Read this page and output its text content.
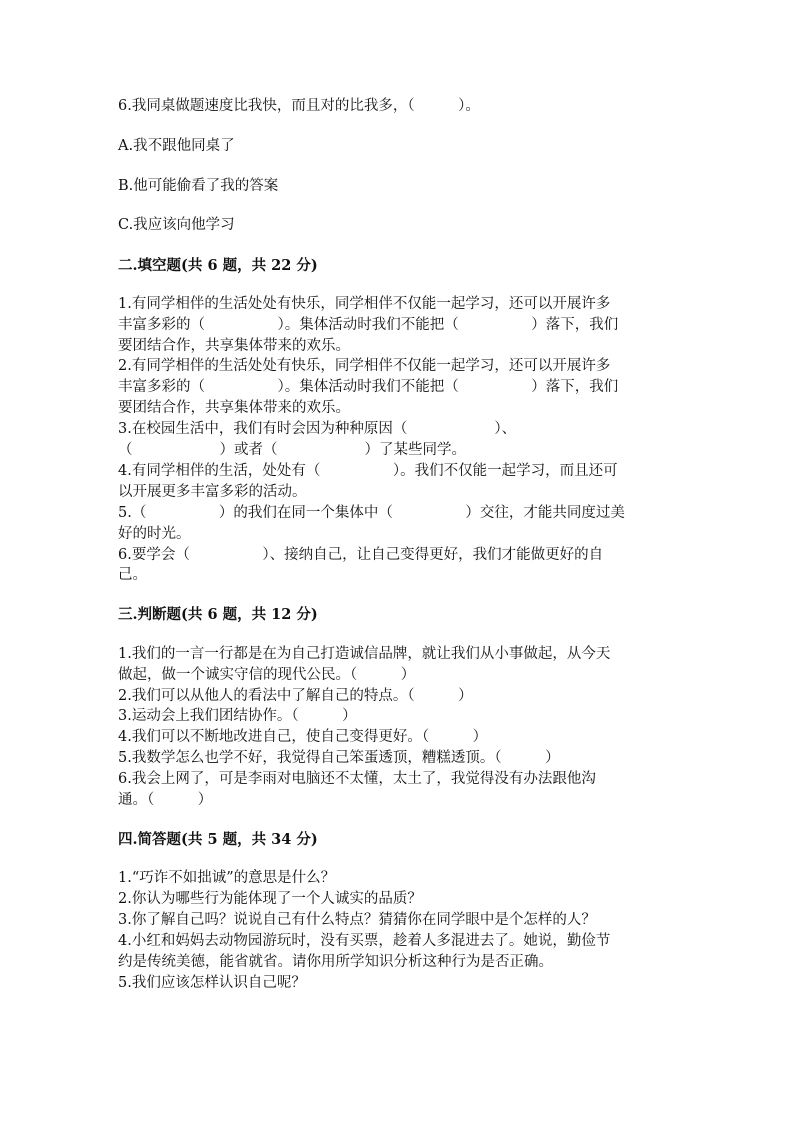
6.我同桌做题速度比我快，而且对的比我多，（　　　）。
A.我不跟他同桌了
B.他可能偷看了我的答案
C.我应该向他学习
二.填空题(共 6 题，共 22 分)
1.有同学相伴的生活处处有快乐，同学相伴不仅能一起学习，还可以开展许多
丰富多彩的（　　　　　）。集体活动时我们不能把（　　　　　）落下，我们
要团结合作，共享集体带来的欢乐。
2.有同学相伴的生活处处有快乐，同学相伴不仅能一起学习，还可以开展许多
丰富多彩的（　　　　　）。集体活动时我们不能把（　　　　　）落下，我们
要团结合作，共享集体带来的欢乐。
3.在校园生活中，我们有时会因为种种原因（　　　　　　）、
（　　　　　　）或者（　　　　　　）了某些同学。
4.有同学相伴的生活，处处有（　　　　　）。我们不仅能一起学习，而且还可
以开展更多丰富多彩的活动。
5.（　　　　　）的我们在同一个集体中（　　　　　）交往，才能共同度过美
好的时光。
6.要学会（　　　　　）、接纳自己，让自己变得更好，我们才能做更好的自
己。
三.判断题(共 6 题，共 12 分)
1.我们的一言一行都是在为自己打造诚信品牌，就让我们从小事做起，从今天
做起，做一个诚实守信的现代公民。（　　　）
2.我们可以从他人的看法中了解自己的特点。（　　　）
3.运动会上我们团结协作。（　　　）
4.我们可以不断地改进自己，使自己变得更好。（　　　）
5.我数学怎么也学不好，我觉得自己笨蛋透顶，糟糕透顶。（　　　）
6.我会上网了，可是李雨对电脑还不太懂，太土了，我觉得没有办法跟他沟
通。（　　　）
四.简答题(共 5 题，共 34 分)
1.“巧诈不如拙诚”的意思是什么？
2.你认为哪些行为能体现了一个人诚实的品质？
3.你了解自己吗？说说自己有什么特点？猜猜你在同学眼中是个怎样的人？
4.小红和妈妈去动物园游玩时，没有买票，趁着人多混进去了。她说，勤俭节
约是传统美德，能省就省。请你用所学知识分析这种行为是否正确。
5.我们应该怎样认识自己呢？
